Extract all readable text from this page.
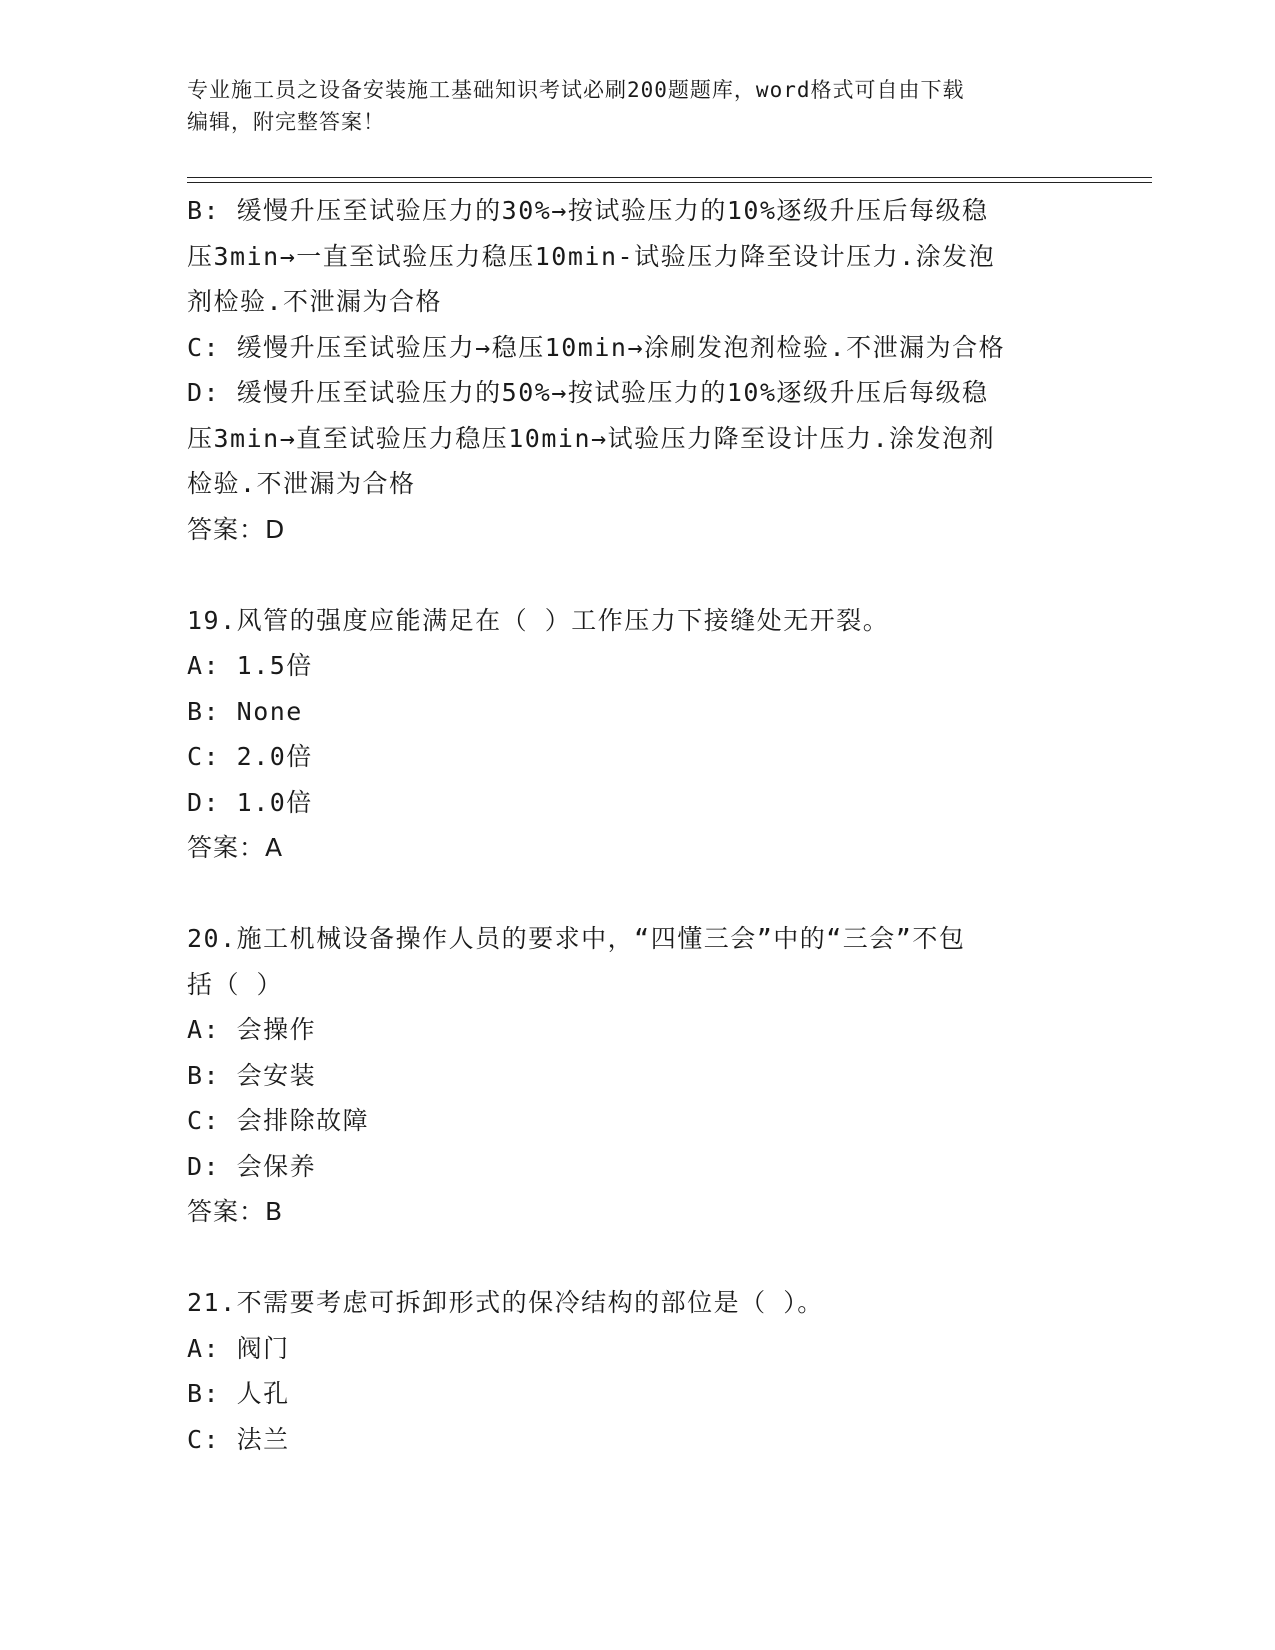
专业施工员之设备安装施工基础知识考试必刷200题题库，word格式可自由下载
编辑，附完整答案！
B: 缓慢升压至试验压力的30%→按试验压力的10%逐级升压后每级稳
压3min→一直至试验压力稳压10min-试验压力降至设计压力.涂发泡
剂检验.不泄漏为合格
C: 缓慢升压至试验压力→稳压10min→涂刷发泡剂检验.不泄漏为合格
D: 缓慢升压至试验压力的50%→按试验压力的10%逐级升压后每级稳
压3min→直至试验压力稳压10min→试验压力降至设计压力.涂发泡剂
检验.不泄漏为合格
答案：D
19.风管的强度应能满足在（ ）工作压力下接缝处无开裂。
A: 1.5倍
B: None
C: 2.0倍
D: 1.0倍
答案：A
20.施工机械设备操作人员的要求中，“四懂三会”中的“三会”不包
括（ ）
A: 会操作
B: 会安装
C: 会排除故障
D: 会保养
答案：B
21.不需要考虑可拆卸形式的保冷结构的部位是（ ）。
A: 阀门
B: 人孔
C: 法兰
